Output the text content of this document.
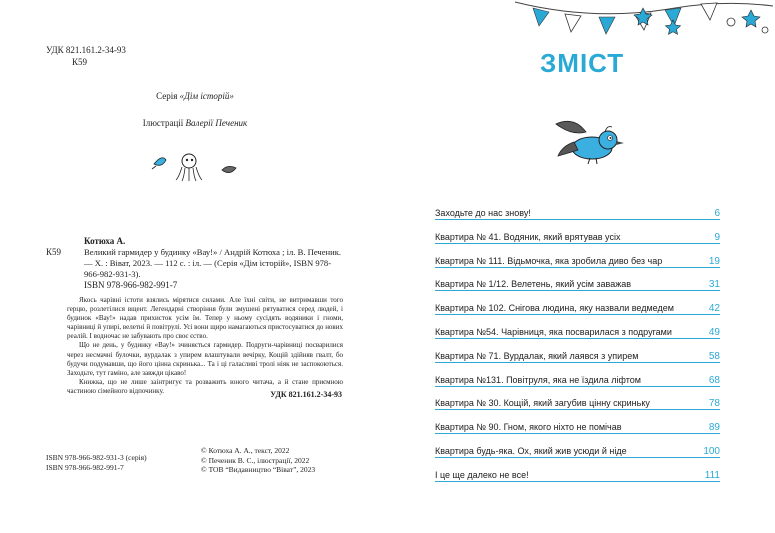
УДК 821.161.2-34-93
К59
Серія «Дім історій»
Ілюстрації Валерії Печеник
Котюха А.
К59	Великий гармидер у будинку «Вау!» / Андрій Котюха ; іл. В. Печеник. — Х. : Віват, 2023. — 112 с. : іл. — (Серія «Дім історій», ISBN 978-966-982-931-3).
ISBN 978-966-982-991-7

Якось чарівні істоти взялись мірятися силами. Але їхні світи, не витримавши того герцю, розлетілися вщент. Легендарні створіння були змушені рятуватися серед людей, і будинок «Вау!» надав прихисток усім їм. Тепер у ньому сусідять водяники і гноми, чарівниці й упирі, велетні й повітрулі. Усі вони щиро намагаються пристосуватися до нових реалій. І водночас не забувають про своє єство.

Що не день, у будинку «Вау!» зчиняється гармидер. Подруги-чарівниці посварилися через несмачні булочки, вурдалак з упирем влаштували вечірку, Кощій здійняв гвалт, бо будучи подумавши, що його цінна скринька... Та і ці галасливі тролі ніяк не заспокоються. Заходьте, тут гаміно, але завжди цікаво!

Книжка, що не лише заінтригує та розважить юного читача, а й стане приємною частиною сімейного відпочинку.	УДК 821.161.2-34-93
ISBN 978-966-982-931-3 (серія)
ISBN 978-966-982-991-7
© Котюха А. А., текст, 2022
© Печеник В. С., ілюстрації, 2022
© ТОВ “Видавництво “Віват”, 2023
ЗМІСТ
Заходьте до нас знову!	6
Квартира № 41. Водяник, який врятував усіх	9
Квартира № 111. Відьмочка, яка зробила диво без чар	19
Квартира № 1/12. Велетень, який усім заважав	31
Квартира № 102. Снігова людина, яку назвали ведмедем	42
Квартира №54. Чарівниця, яка посварилася з подругами	49
Квартира № 71. Вурдалак, який лаявся з упирем	58
Квартира №131. Повітруля, яка не їздила ліфтом	68
Квартира № 30. Кощій, який загубив цінну скриньку	78
Квартира № 90. Гном, якого ніхто не помічав	89
Квартира будь-яка. Ох, який жив усюди й ніде	100
І це ще далеко не все!	111
